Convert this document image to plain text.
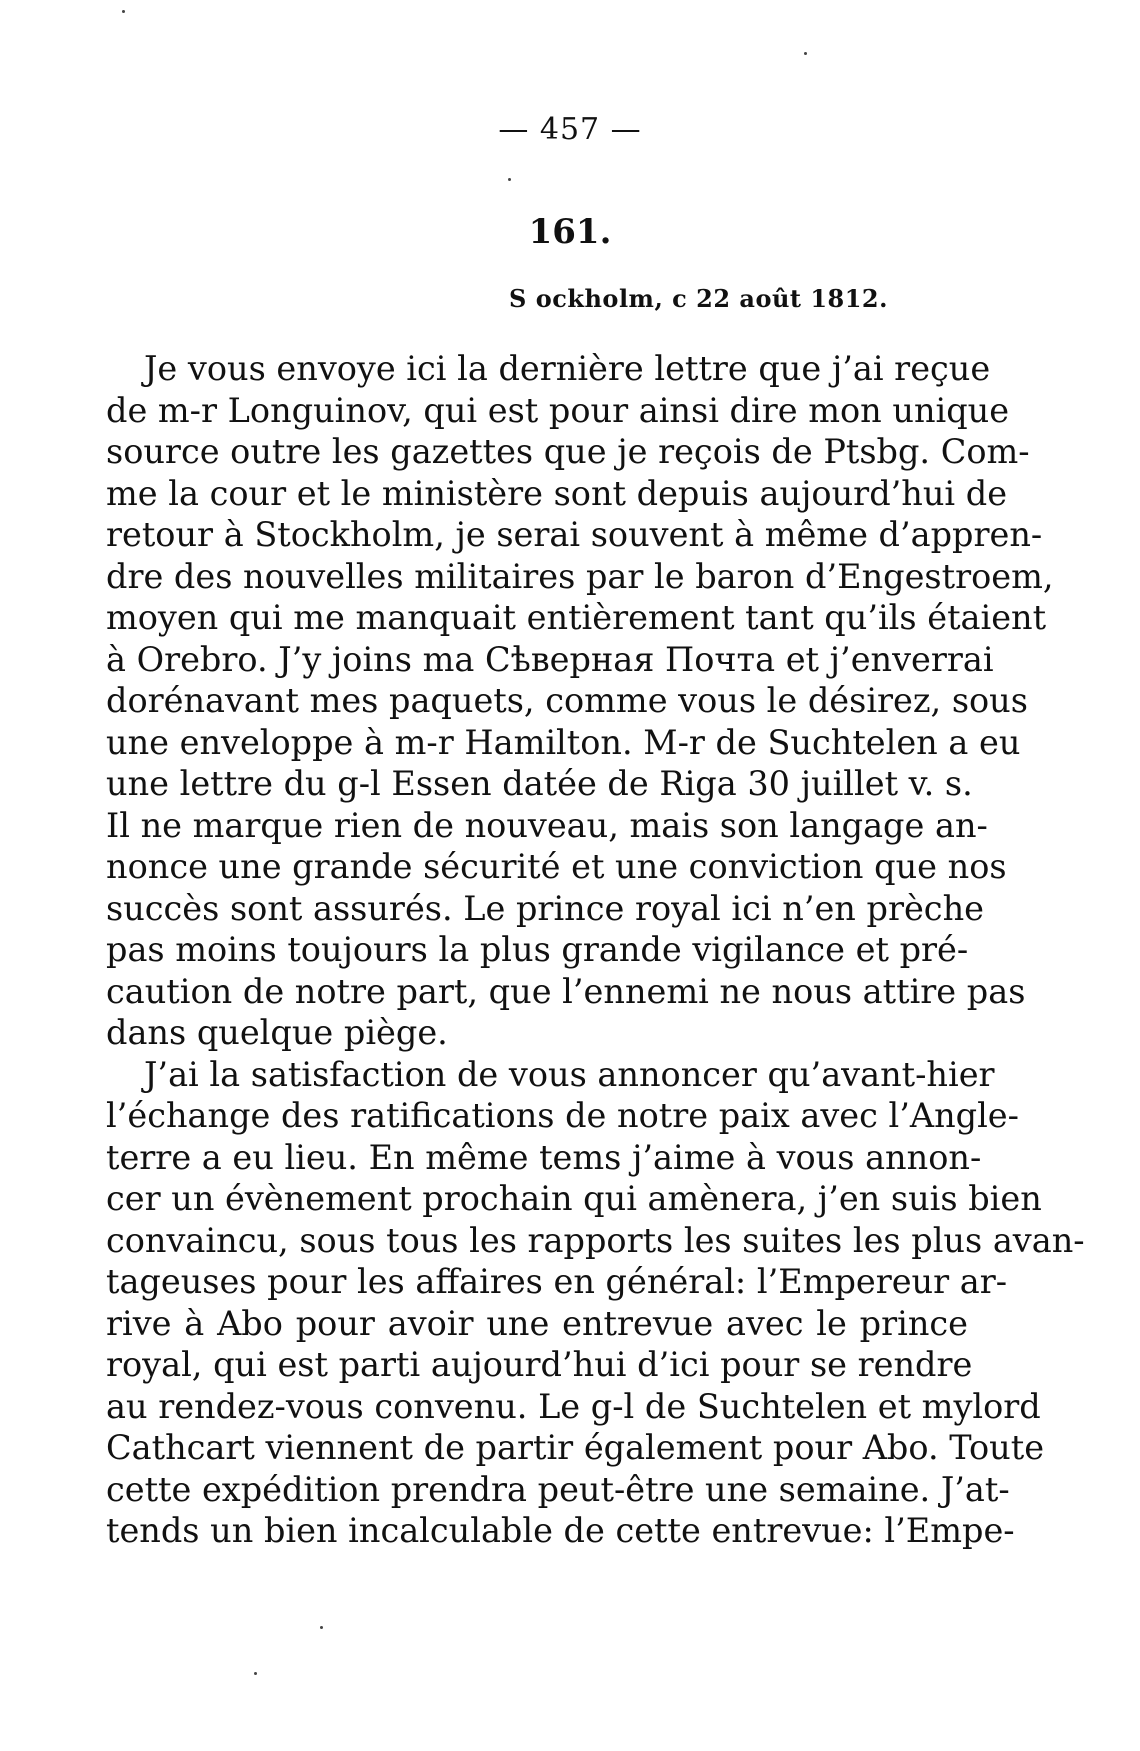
— 457 —
161.
S ockholm, c 22 août 1812.
Je vous envoye ici la dernière lettre que j’ai reçue
de m-r Longuinov, qui est pour ainsi dire mon unique
source outre les gazettes que je reçois de Ptsbg. Com-
me la cour et le ministère sont depuis aujourd’hui de
retour à Stockholm, je serai souvent à même d’appren-
dre des nouvelles militaires par le baron d’Engestroem,
moyen qui me manquait entièrement tant qu’ils étaient
à Orebro. J’y joins ma Сѣверная Почта et j’enverrai
dorénavant mes paquets, comme vous le désirez, sous
une enveloppe à m-r Hamilton. M-r de Suchtelen a eu
une lettre du g-l Essen datée de Riga 30 juillet v. s.
Il ne marque rien de nouveau, mais son langage an-
nonce une grande sécurité et une conviction que nos
succès sont assurés. Le prince royal ici n’en prèche
pas moins toujours la plus grande vigilance et pré-
caution de notre part, que l’ennemi ne nous attire pas
dans quelque piège.
J’ai la satisfaction de vous annoncer qu’avant-hier
l’échange des ratifications de notre paix avec l’Angle-
terre a eu lieu. En même tems j’aime à vous annon-
cer un évènement prochain qui amènera, j’en suis bien
convaincu, sous tous les rapports les suites les plus avan-
tageuses pour les affaires en général: l’Empereur ar-
rive à Abo pour avoir une entrevue avec le prince
royal, qui est parti aujourd’hui d’ici pour se rendre
au rendez-vous convenu. Le g-l de Suchtelen et mylord
Cathcart viennent de partir également pour Abo. Toute
cette expédition prendra peut-être une semaine. J’at-
tends un bien incalculable de cette entrevue: l’Empe-
